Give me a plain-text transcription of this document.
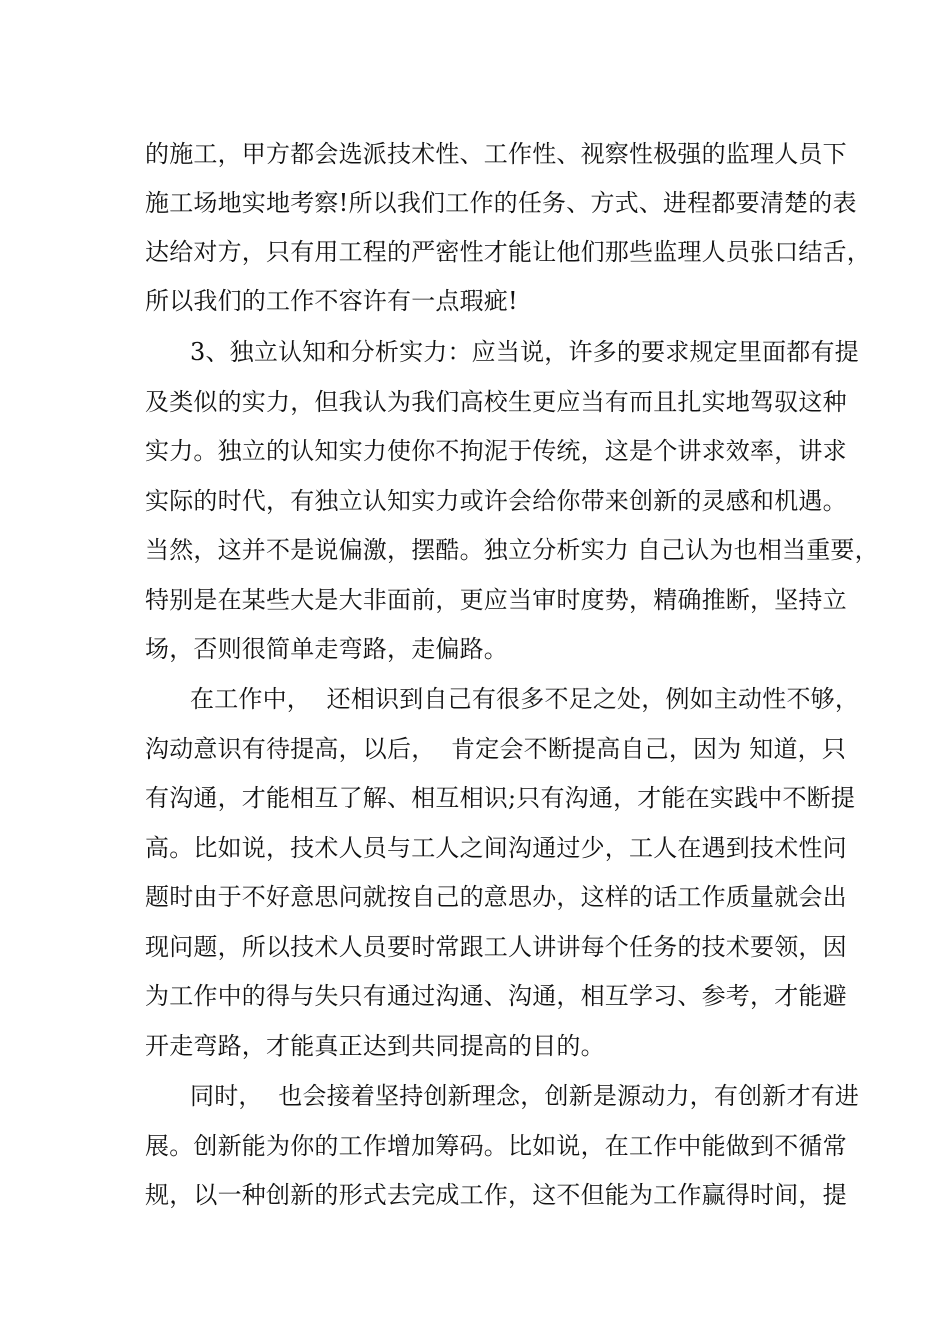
的施工，甲方都会选派技术性、工作性、视察性极强的监理人员下
施工场地实地考察!所以我们工作的任务、方式、进程都要清楚的表
达给对方，只有用工程的严密性才能让他们那些监理人员张口结舌，
所以我们的工作不容许有一点瑕疵!
3、独立认知和分析实力：应当说，许多的要求规定里面都有提
及类似的实力，但我认为我们高校生更应当有而且扎实地驾驭这种
实力。独立的认知实力使你不拘泥于传统，这是个讲求效率，讲求
实际的时代，有独立认知实力或许会给你带来创新的灵感和机遇。
当然，这并不是说偏激，摆酷。独立分析实力 自己认为也相当重要，
特别是在某些大是大非面前，更应当审时度势，精确推断，坚持立
场，否则很简单走弯路，走偏路。
在工作中，  还相识到自己有很多不足之处，例如主动性不够，
沟动意识有待提高，以后，  肯定会不断提高自己，因为 知道，只
有沟通，才能相互了解、相互相识;只有沟通，才能在实践中不断提
高。比如说，技术人员与工人之间沟通过少，工人在遇到技术性问
题时由于不好意思问就按自己的意思办，这样的话工作质量就会出
现问题，所以技术人员要时常跟工人讲讲每个任务的技术要领，因
为工作中的得与失只有通过沟通、沟通，相互学习、参考，才能避
开走弯路，才能真正达到共同提高的目的。
同时，  也会接着坚持创新理念，创新是源动力，有创新才有进
展。创新能为你的工作增加筹码。比如说，在工作中能做到不循常
规，以一种创新的形式去完成工作，这不但能为工作赢得时间，提
